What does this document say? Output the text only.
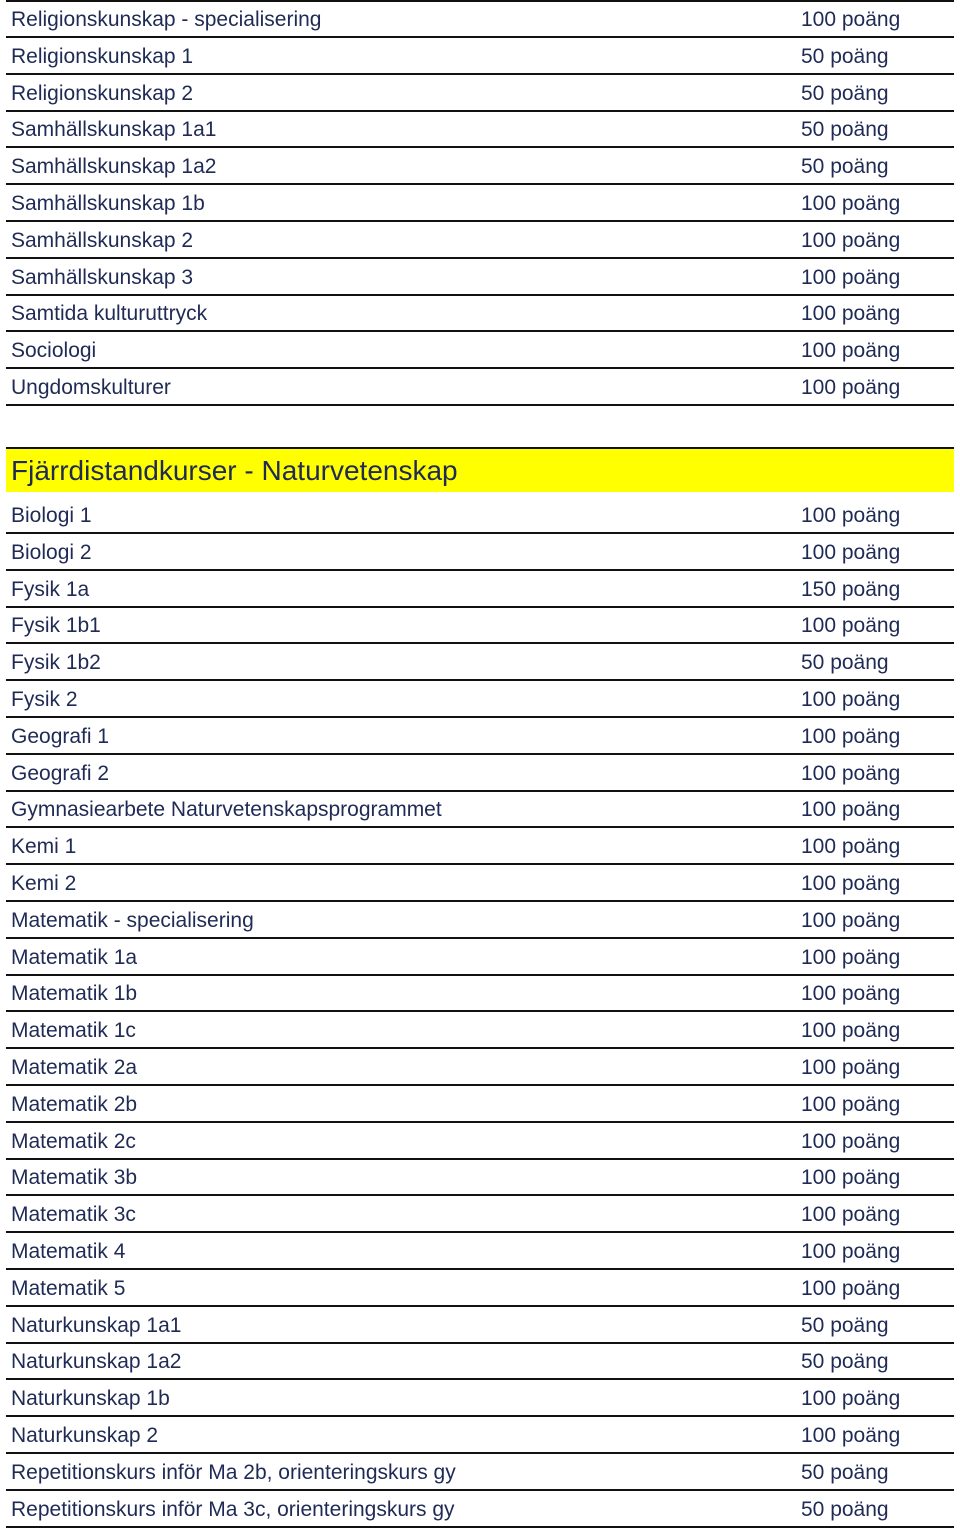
Religionskunskap - specialisering	100 poäng
Religionskunskap 1	50 poäng
Religionskunskap 2	50 poäng
Samhällskunskap 1a1	50 poäng
Samhällskunskap 1a2	50 poäng
Samhällskunskap 1b	100 poäng
Samhällskunskap 2	100 poäng
Samhällskunskap 3	100 poäng
Samtida kulturuttryck	100 poäng
Sociologi	100 poäng
Ungdomskulturer	100 poäng
Fjärrdistandkurser - Naturvetenskap
Biologi 1	100 poäng
Biologi 2	100 poäng
Fysik 1a	150 poäng
Fysik 1b1	100 poäng
Fysik 1b2	50 poäng
Fysik 2	100 poäng
Geografi 1	100 poäng
Geografi 2	100 poäng
Gymnasiearbete Naturvetenskapsprogrammet	100 poäng
Kemi 1	100 poäng
Kemi 2	100 poäng
Matematik - specialisering	100 poäng
Matematik 1a	100 poäng
Matematik 1b	100 poäng
Matematik 1c	100 poäng
Matematik 2a	100 poäng
Matematik 2b	100 poäng
Matematik 2c	100 poäng
Matematik 3b	100 poäng
Matematik 3c	100 poäng
Matematik 4	100 poäng
Matematik 5	100 poäng
Naturkunskap 1a1	50 poäng
Naturkunskap 1a2	50 poäng
Naturkunskap 1b	100 poäng
Naturkunskap 2	100 poäng
Repetitionskurs inför Ma 2b, orienteringskurs gy	50 poäng
Repetitionskurs inför Ma 3c, orienteringskurs gy	50 poäng
